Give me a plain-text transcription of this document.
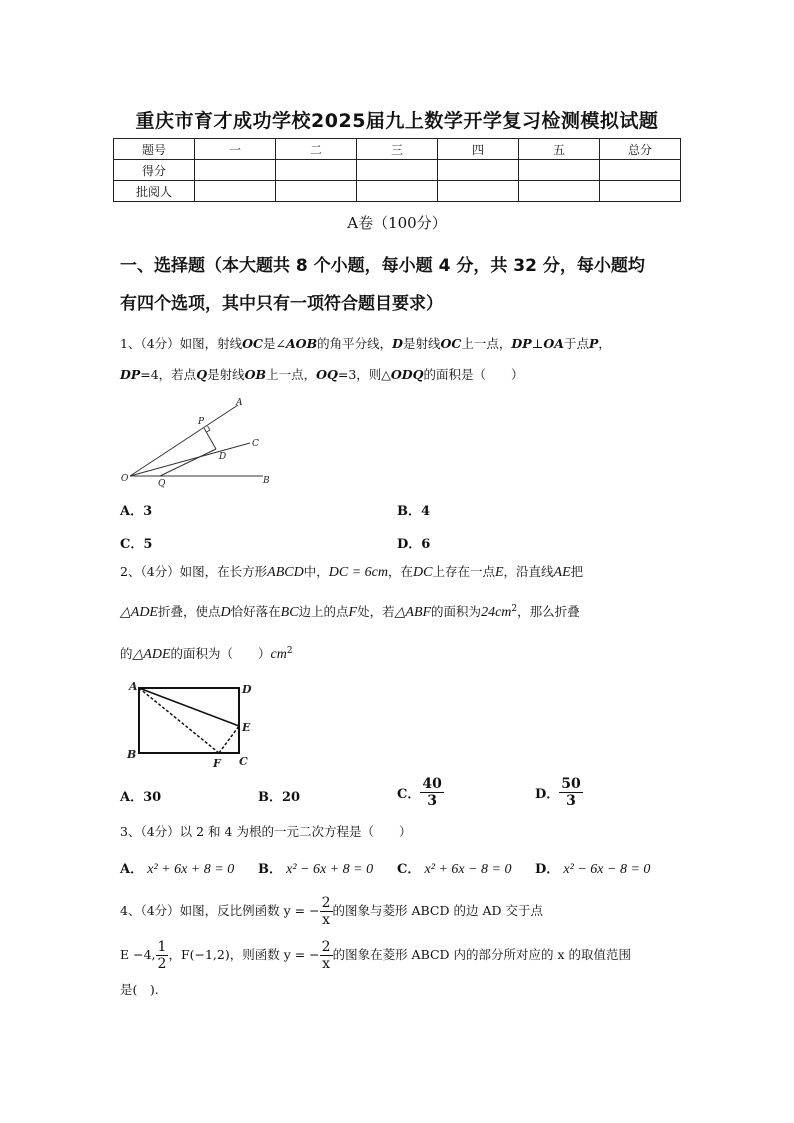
重庆市育才成功学校2025届九上数学开学复习检测模拟试题
题号	一	二	三	四	五	总分
得分						
批阅人						
A卷（100分）
一、选择题（本大题共 8 个小题，每小题 4 分，共 32 分，每小题均
有四个选项，其中只有一项符合题目要求）
1、（4分）如图，射线OC是∠AOB的角平分线，D是射线OC上一点，DP⊥OA于点P，
DP=4，若点Q是射线OB上一点，OQ=3，则△ODQ的面积是（　　）
A
P
C
D
O	Q	B
A．3	B．4
C．5	D．6
2、（4分）如图，在长方形ABCD中，DC = 6cm，在DC上存在一点E，沿直线AE把
△ADE折叠，使点D恰好落在BC边上的点F处，若△ABF的面积为$24cm^2$，那么折叠
的△ADE的面积为（　　）$cm^2$
A	D
E
B
F C
A．30	B．20	C． $\frac{40}{3}$	D． $\frac{50}{3}$
3、（4分）以 2 和 4 为根的一元二次方程是（　　）
A． x² + 6x + 8 = 0 B． x² − 6x + 8 = 0 C． x² + 6x − 8 = 0 D． x² − 6x − 8 = 0
4、（4分）如图，反比例函数 y = − $\frac{2}{x}$ 的图象与菱形 ABCD 的边 AD 交于点
E −4, $\frac{1}{2}$ ，F(−1,2)，则函数 y = − $\frac{2}{x}$ 的图象在菱形 ABCD 内的部分所对应的 x 的取值范围
是(　).
